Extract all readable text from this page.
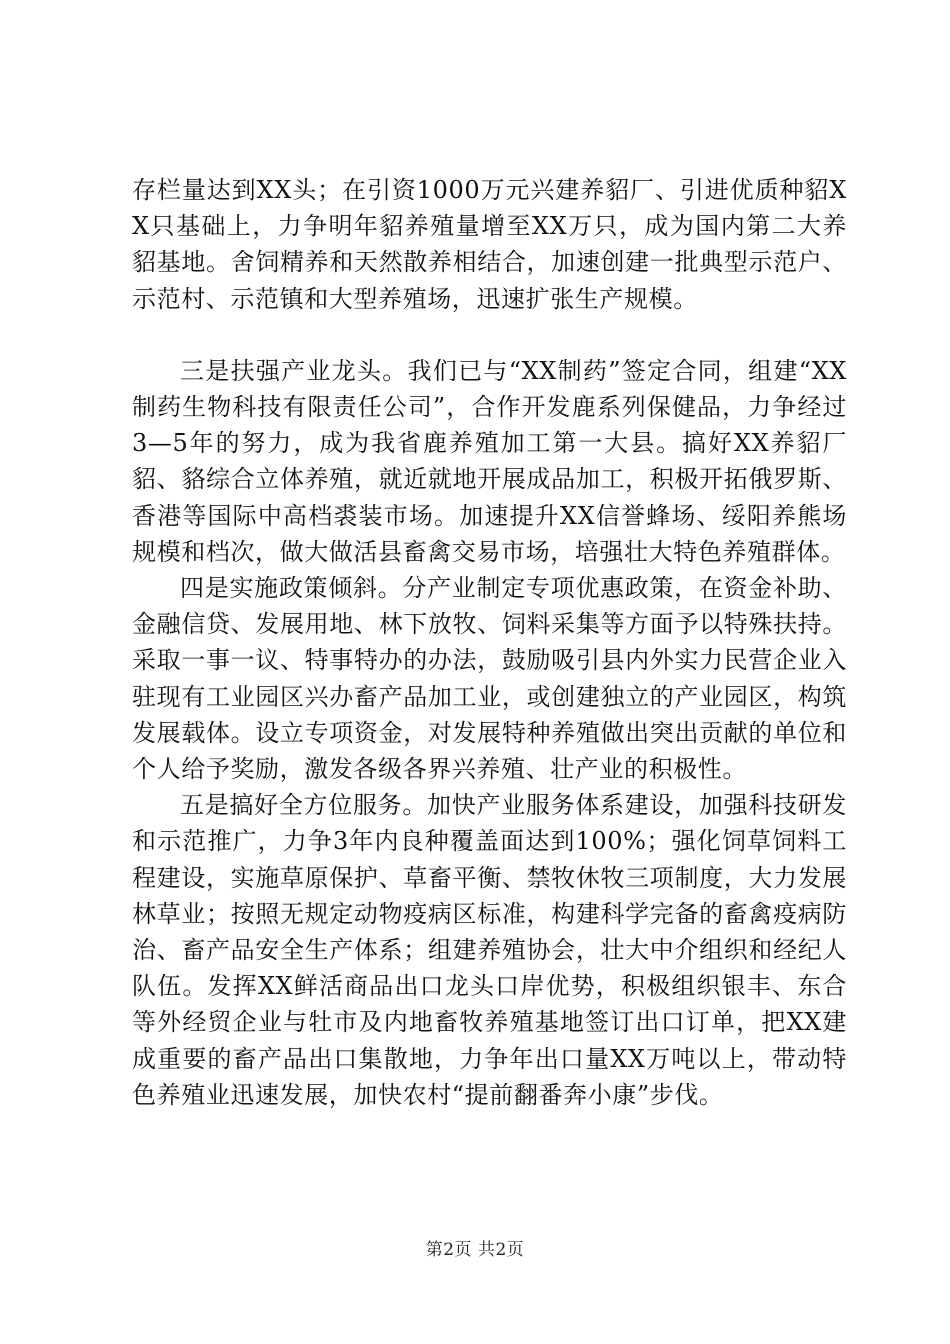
存栏量达到XX头；在引资1000万元兴建养貂厂、引进优质种貂XX只基础上，力争明年貂养殖量增至XX万只，成为国内第二大养貂基地。舍饲精养和天然散养相结合，加速创建一批典型示范户、示范村、示范镇和大型养殖场，迅速扩张生产规模。

三是扶强产业龙头。我们已与“XX制药”签定合同，组建“XX制药生物科技有限责任公司”，合作开发鹿系列保健品，力争经过3—5年的努力，成为我省鹿养殖加工第一大县。搞好XX养貂厂貂、貉综合立体养殖，就近就地开展成品加工，积极开拓俄罗斯、香港等国际中高档裘装市场。加速提升XX信誉蜂场、绥阳养熊场规模和档次，做大做活县畜禽交易市场，培强壮大特色养殖群体。

四是实施政策倾斜。分产业制定专项优惠政策，在资金补助、金融信贷、发展用地、林下放牧、饲料采集等方面予以特殊扶持。采取一事一议、特事特办的办法，鼓励吸引县内外实力民营企业入驻现有工业园区兴办畜产品加工业，或创建独立的产业园区，构筑发展载体。设立专项资金，对发展特种养殖做出突出贡献的单位和个人给予奖励，激发各级各界兴养殖、壮产业的积极性。

五是搞好全方位服务。加快产业服务体系建设，加强科技研发和示范推广，力争3年内良种覆盖面达到100%；强化饲草饲料工程建设，实施草原保护、草畜平衡、禁牧休牧三项制度，大力发展林草业；按照无规定动物疫病区标准，构建科学完备的畜禽疫病防治、畜产品安全生产体系；组建养殖协会，壮大中介组织和经纪人队伍。发挥XX鲜活商品出口龙头口岸优势，积极组织银丰、东合等外经贸企业与牡市及内地畜牧养殖基地签订出口订单，把XX建成重要的畜产品出口集散地，力争年出口量XX万吨以上，带动特色养殖业迅速发展，加快农村“提前翻番奔小康”步伐。

第2页 共2页
